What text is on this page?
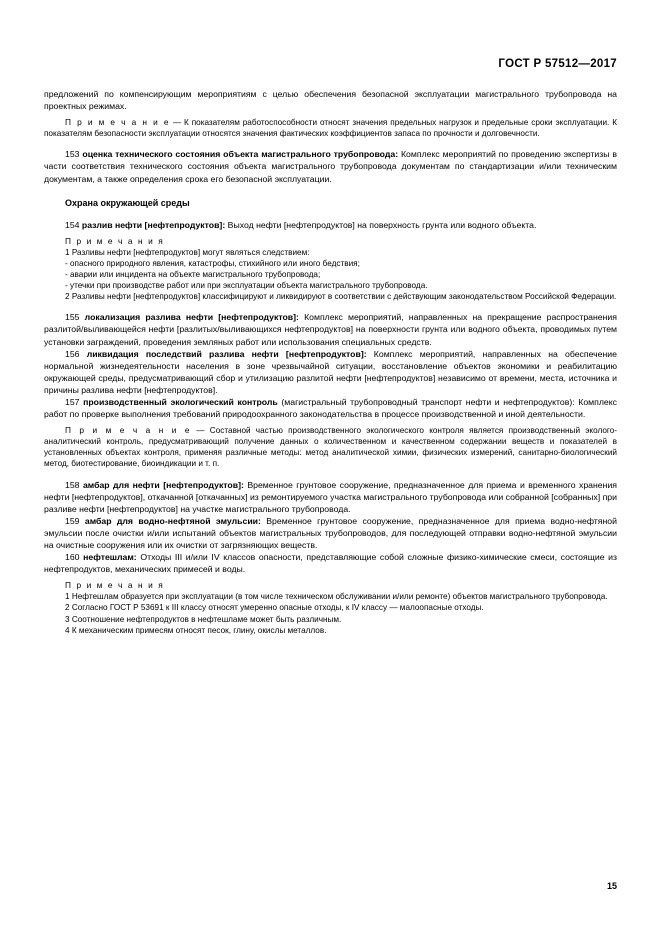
ГОСТ Р 57512—2017

предложений по компенсирующим мероприятиям с целью обеспечения безопасной эксплуатации магистрального трубопровода на проектных режимах.

П р и м е ч а н и е — К показателям работоспособности относят значения предельных нагрузок и предельные сроки эксплуатации. К показателям безопасности эксплуатации относятся значения фактических коэффициентов запаса по прочности и долговечности.

153 оценка технического состояния объекта магистрального трубопровода: Комплекс мероприятий по проведению экспертизы в части соответствия технического состояния объекта магистрального трубопровода документам по стандартизации и/или техническим документам, а также определения срока его безопасной эксплуатации.

Охрана окружающей среды

154 разлив нефти [нефтепродуктов]: Выход нефти [нефтепродуктов] на поверхность грунта или водного объекта.

П р и м е ч а н и я

1 Разливы нефти [нефтепродуктов] могут являться следствием:

- опасного природного явления, катастрофы, стихийного или иного бедствия;

- аварии или инцидента на объекте магистрального трубопровода;

- утечки при производстве работ или при эксплуатации объекта магистрального трубопровода.

2 Разливы нефти [нефтепродуктов] классифицируют и ликвидируют в соответствии с действующим законодательством Российской Федерации.

155 локализация разлива нефти [нефтепродуктов]: Комплекс мероприятий, направленных на прекращение распространения разлитой/выливающейся нефти [разлитых/выливающихся нефтепродуктов] на поверхности грунта или водного объекта, проводимых путем установки заграждений, проведения земляных работ или использования специальных средств.

156 ликвидация последствий разлива нефти [нефтепродуктов]: Комплекс мероприятий, направленных на обеспечение нормальной жизнедеятельности населения в зоне чрезвычайной ситуации, восстановление объектов экономики и реабилитацию окружающей среды, предусматривающий сбор и утилизацию разлитой нефти [нефтепродуктов] независимо от времени, места, источника и причины разлива нефти [нефтепродуктов].

157 производственный экологический контроль (магистральный трубопроводный транспорт нефти и нефтепродуктов): Комплекс работ по проверке выполнения требований природоохранного законодательства в процессе производственной и иной деятельности.

П р и м е ч а н и е — Составной частью производственного экологического контроля является производственный эколого-аналитический контроль, предусматривающий получение данных о количественном и качественном содержании веществ и показателей в установленных объектах контроля, применяя различные методы: метод аналитической химии, физических измерений, санитарно-биологический метод, биотестирование, биоиндикации и т. п.

158 амбар для нефти [нефтепродуктов]: Временное грунтовое сооружение, предназначенное для приема и временного хранения нефти [нефтепродуктов], откачанной [откачанных] из ремонтируемого участка магистрального трубопровода или собранной [собранных] при разливе нефти [нефтепродуктов] на участке магистрального трубопровода.

159 амбар для водно-нефтяной эмульсии: Временное грунтовое сооружение, предназначенное для приема водно-нефтяной эмульсии после очистки и/или испытаний объектов магистральных трубопроводов, для последующей отправки водно-нефтяной эмульсии на очистные сооружения или их очистки от загрязняющих веществ.

160 нефтешлам: Отходы III и/или IV классов опасности, представляющие собой сложные физико-химические смеси, состоящие из нефтепродуктов, механических примесей и воды.

П р и м е ч а н и я

1 Нефтешлам образуется при эксплуатации (в том числе техническом обслуживании и/или ремонте) объектов магистрального трубопровода.

2 Согласно ГОСТ Р 53691 к III классу относят умеренно опасные отходы, к IV классу — малоопасные отходы.

3 Соотношение нефтепродуктов в нефтешламе может быть различным.

4 К механическим примесям относят песок, глину, окислы металлов.

15
